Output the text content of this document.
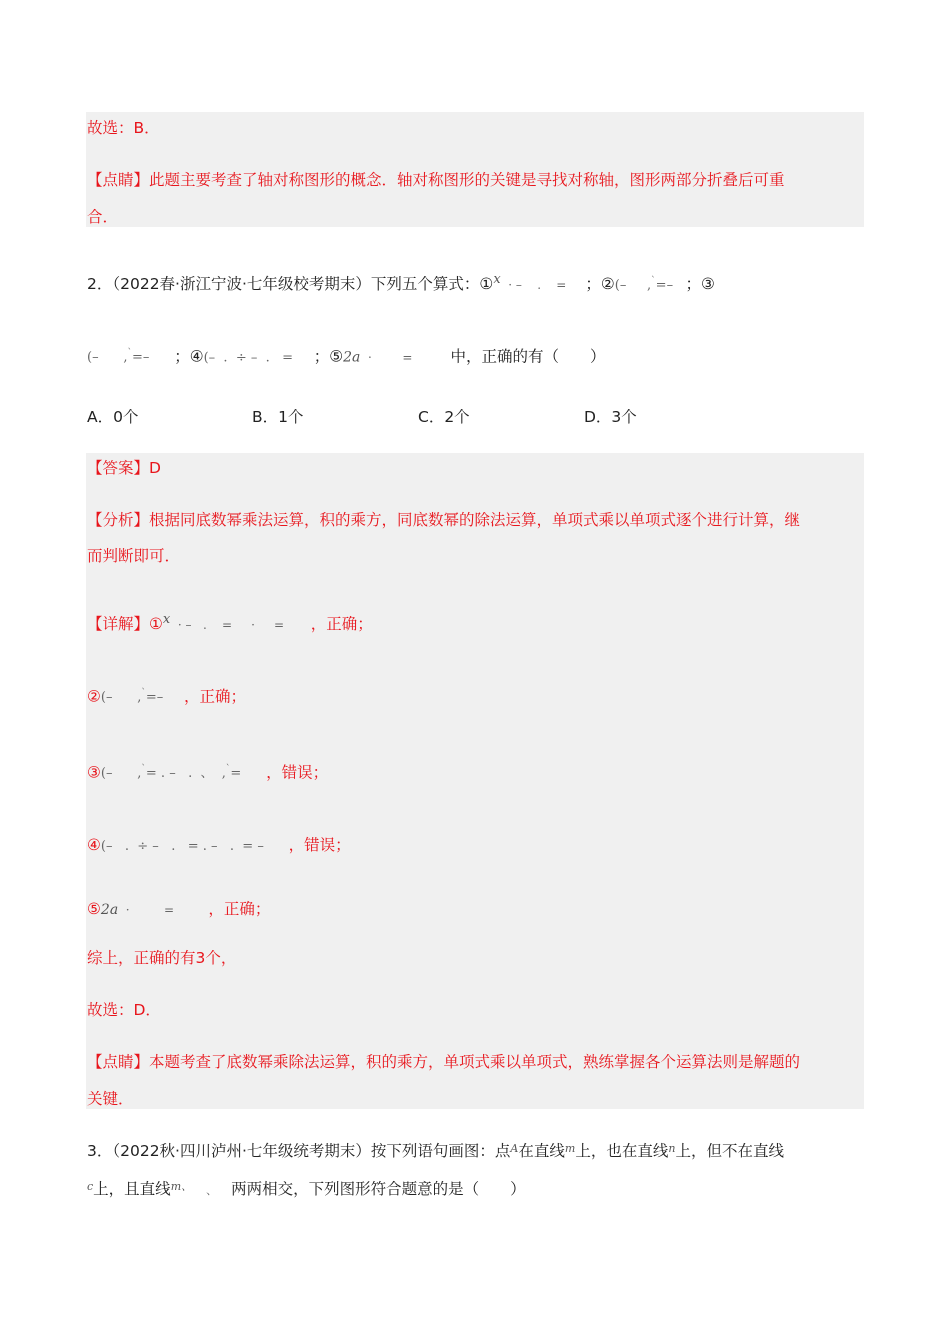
故选：B．
【点睛】此题主要考查了轴对称图形的概念．轴对称图形的关键是寻找对称轴，图形两部分折叠后可重
合．
2．（2022春·浙江宁波·七年级校考期末）下列五个算式：①$^x$  · –    .    =     ；②(–     ,`=–   ；③
(–      ,`=–      ；④(–  .  ÷ –  .   =     ；⑤2a  ·        =          中，正确的有（　　）
A．0个	B．1个	C．2个	D．3个
【答案】D
【分析】根据同底数幂乘法运算，积的乘方，同底数幂的除法运算，单项式乘以单项式逐个进行计算，继
而判断即可．
【详解】①$^x$  · –   .    =     ·     =       ，正确；
②(–      ,`=–     ，正确；
③(–      ,`= . –   .  、  ,`=      ，错误；
④(–   .  ÷ –   .   = . –   .  = –      ，错误；
⑤2a  ·         =         ，正确；
综上，正确的有3个，
故选：D．
【点睛】本题考查了底数幂乘除法运算，积的乘方，单项式乘以单项式，熟练掌握各个运算法则是解题的
关键．
3．（2022秋·四川泸州·七年级统考期末）按下列语句画图：点$^A$在直线$^m$上，也在直线$^n$上，但不在直线
$^c$上，且直线$^{m、}$    、    两两相交，下列图形符合题意的是（　　）
